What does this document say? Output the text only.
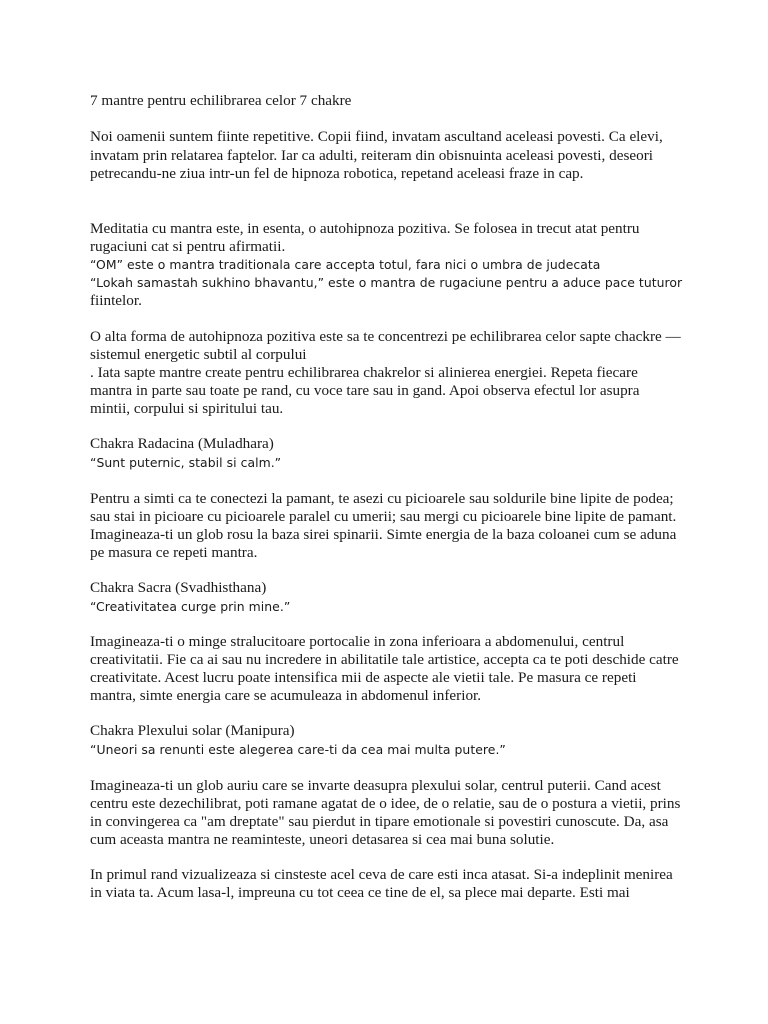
7 mantre pentru echilibrarea celor 7 chakre
Noi oamenii suntem fiinte repetitive. Copii fiind, invatam ascultand aceleasi povesti. Ca elevi,
invatam prin relatarea faptelor. Iar ca adulti, reiteram din obisnuinta aceleasi povesti, deseori
petrecandu-ne ziua intr-un fel de hipnoza robotica, repetand aceleasi fraze in cap.
Meditatia cu mantra este, in esenta, o autohipnoza pozitiva. Se folosea in trecut atat pentru
rugaciuni cat si pentru afirmatii.
“OM” este o mantra traditionala care accepta totul, fara nici o umbra de judecata
“Lokah samastah sukhino bhavantu,” este o mantra de rugaciune pentru a aduce pace tuturor
fiintelor.
O alta forma de autohipnoza pozitiva este sa te concentrezi pe echilibrarea celor sapte chackre —
sistemul energetic subtil al corpului
. Iata sapte mantre create pentru echilibrarea chakrelor si alinierea energiei. Repeta fiecare
mantra in parte sau toate pe rand, cu voce tare sau in gand. Apoi observa efectul lor asupra
mintii, corpului si spiritului tau.
Chakra Radacina (Muladhara)
“Sunt puternic, stabil si calm.”
Pentru a simti ca te conectezi la pamant, te asezi cu picioarele sau soldurile bine lipite de podea;
sau stai in picioare cu picioarele paralel cu umerii; sau mergi cu picioarele bine lipite de pamant.
Imagineaza-ti un glob rosu la baza sirei spinarii. Simte energia de la baza coloanei cum se aduna
pe masura ce repeti mantra.
Chakra Sacra (Svadhisthana)
“Creativitatea curge prin mine.”
Imagineaza-ti o minge stralucitoare portocalie in zona inferioara a abdomenului, centrul
creativitatii. Fie ca ai sau nu incredere in abilitatile tale artistice, accepta ca te poti deschide catre
creativitate. Acest lucru poate intensifica mii de aspecte ale vietii tale. Pe masura ce repeti
mantra, simte energia care se acumuleaza in abdomenul inferior.
Chakra Plexului solar (Manipura)
“Uneori sa renunti este alegerea care-ti da cea mai multa putere.”
Imagineaza-ti un glob auriu care se invarte deasupra plexului solar, centrul puterii. Cand acest
centru este dezechilibrat, poti ramane agatat de o idee, de o relatie, sau de o postura a vietii, prins
in convingerea ca "am dreptate" sau pierdut in tipare emotionale si povestiri cunoscute. Da, asa
cum aceasta mantra ne reaminteste, uneori detasarea si cea mai buna solutie.
In primul rand vizualizeaza si cinsteste acel ceva de care esti inca atasat. Si-a indeplinit menirea
in viata ta. Acum lasa-l, impreuna cu tot ceea ce tine de el, sa plece mai departe. Esti mai
